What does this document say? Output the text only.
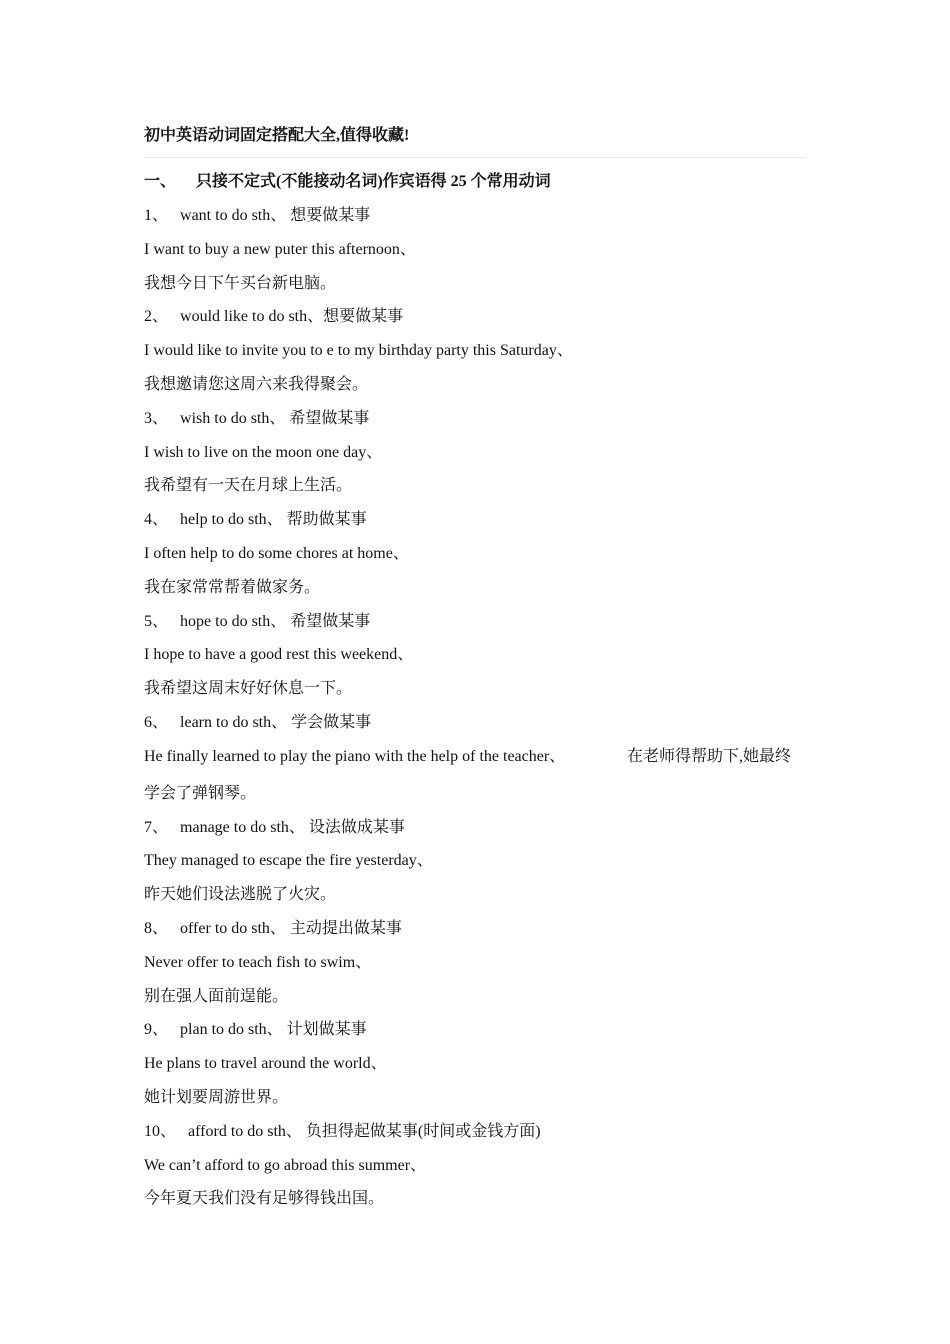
初中英语动词固定搭配大全,值得收藏!
一、 只接不定式(不能接动名词)作宾语得 25 个常用动词
1、 want to do sth、 想要做某事
I want to buy a new puter this afternoon、
我想今日下午买台新电脑。
2、 would like to do sth、想要做某事
I would like to invite you to e to my birthday party this Saturday、
我想邀请您这周六来我得聚会。
3、 wish to do sth、 希望做某事
I wish to live on the moon one day、
我希望有一天在月球上生活。
4、 help to do sth、 帮助做某事
I often help to do some chores at home、
我在家常常帮着做家务。
5、 hope to do sth、 希望做某事
I hope to have a good rest this weekend、
我希望这周末好好休息一下。
6、 learn to do sth、 学会做某事
He finally learned to play the piano with the help of the teacher、	在老师得帮助下,她最终
学会了弹钢琴。
7、 manage to do sth、 设法做成某事
They managed to escape the fire yesterday、
昨天她们设法逃脱了火灾。
8、 offer to do sth、 主动提出做某事
Never offer to teach fish to swim、
别在强人面前逞能。
9、 plan to do sth、 计划做某事
He plans to travel around the world、
她计划要周游世界。
10、 afford to do sth、 负担得起做某事(时间或金钱方面)
We can’t afford to go abroad this summer、
今年夏天我们没有足够得钱出国。
